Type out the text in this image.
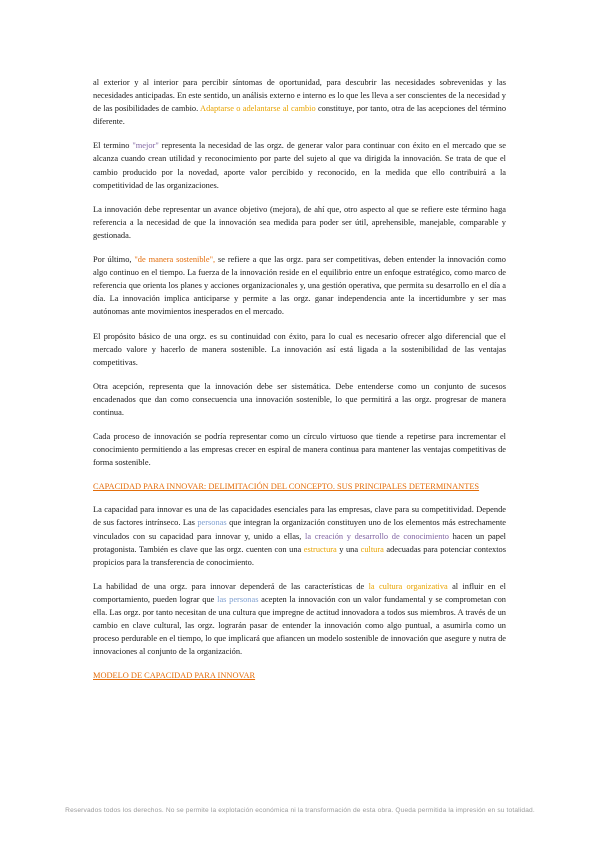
al exterior y al interior para percibir síntomas de oportunidad, para descubrir las necesidades sobrevenidas y las necesidades anticipadas. En este sentido, un análisis externo e interno es lo que les lleva a ser conscientes de la necesidad y de las posibilidades de cambio. Adaptarse o adelantarse al cambio constituye, por tanto, otra de las acepciones del término diferente.

El termino "mejor" representa la necesidad de las orgz. de generar valor para continuar con éxito en el mercado que se alcanza cuando crean utilidad y reconocimiento por parte del sujeto al que va dirigida la innovación. Se trata de que el cambio producido por la novedad, aporte valor percibido y reconocido, en la medida que ello contribuirá a la competitividad de las organizaciones.

La innovación debe representar un avance objetivo (mejora), de ahí que, otro aspecto al que se refiere este término haga referencia a la necesidad de que la innovación sea medida para poder ser útil, aprehensible, manejable, comparable y gestionada.

Por último, "de manera sostenible", se refiere a que las orgz. para ser competitivas, deben entender la innovación como algo continuo en el tiempo. La fuerza de la innovación reside en el equilibrio entre un enfoque estratégico, como marco de referencia que orienta los planes y acciones organizacionales y, una gestión operativa, que permita su desarrollo en el día a día. La innovación implica anticiparse y permite a las orgz. ganar independencia ante la incertidumbre y ser mas autónomas ante movimientos inesperados en el mercado.

El propósito básico de una orgz. es su continuidad con éxito, para lo cual es necesario ofrecer algo diferencial que el mercado valore y hacerlo de manera sostenible. La innovación así está ligada a la sostenibilidad de las ventajas competitivas.

Otra acepción, representa que la innovación debe ser sistemática. Debe entenderse como un conjunto de sucesos encadenados que dan como consecuencia una innovación sostenible, lo que permitirá a las orgz. progresar de manera continua.

Cada proceso de innovación se podría representar como un círculo virtuoso que tiende a repetirse para incrementar el conocimiento permitiendo a las empresas crecer en espiral de manera continua para mantener las ventajas competitivas de forma sostenible.

CAPACIDAD PARA INNOVAR: DELIMITACIÓN DEL CONCEPTO. SUS PRINCIPALES DETERMINANTES

La capacidad para innovar es una de las capacidades esenciales para las empresas, clave para su competitividad. Depende de sus factores intrínseco. Las personas que integran la organización constituyen uno de los elementos más estrechamente vinculados con su capacidad para innovar y, unido a ellas, la creación y desarrollo de conocimiento hacen un papel protagonista. También es clave que las orgz. cuenten con una estructura y una cultura adecuadas para potenciar contextos propicios para la transferencia de conocimiento.

La habilidad de una orgz. para innovar dependerá de las características de la cultura organizativa al influir en el comportamiento, pueden lograr que las personas acepten la innovación con un valor fundamental y se comprometan con ella. Las orgz. por tanto necesitan de una cultura que impregne de actitud innovadora a todos sus miembros. A través de un cambio en clave cultural, las orgz. lograrán pasar de entender la innovación como algo puntual, a asumirla como un proceso perdurable en el tiempo, lo que implicará que afiancen un modelo sostenible de innovación que asegure y nutra de innovaciones al conjunto de la organización.

MODELO DE CAPACIDAD PARA INNOVAR
Reservados todos los derechos. No se permite la explotación económica ni la transformación de esta obra. Queda permitida la impresión en su totalidad.
